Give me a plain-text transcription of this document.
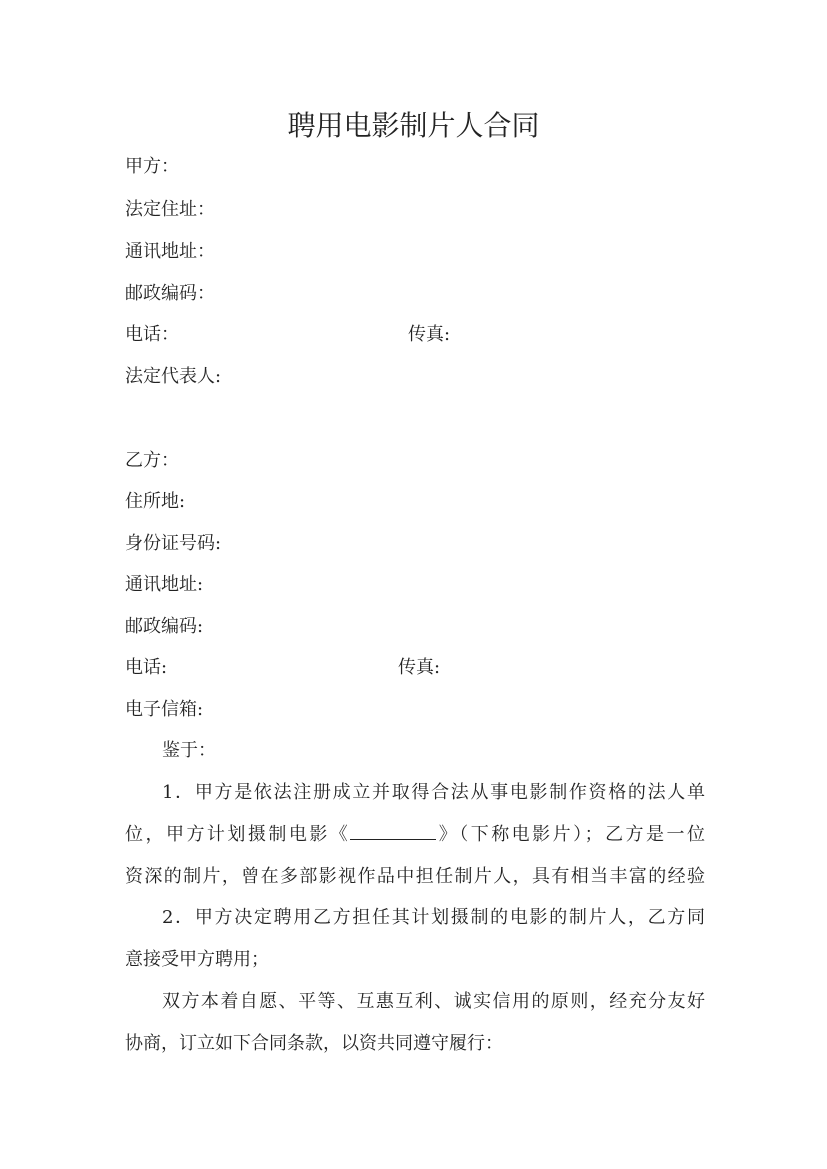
聘用电影制片人合同
甲方：
法定住址：
通讯地址：
邮政编码：
电话：	传真:
法定代表人:
乙方：
住所地:
身份证号码:
通讯地址:
邮政编码:
电话:	传真:
电子信箱:
鉴于：
1．甲方是依法注册成立并取得合法从事电影制作资格的法人单
位，甲方计划摄制电影《	》（下称电影片）；乙方是一位
资深的制片，曾在多部影视作品中担任制片人，具有相当丰富的经验
2．甲方决定聘用乙方担任其计划摄制的电影的制片人，乙方同
意接受甲方聘用；
双方本着自愿、平等、互惠互利、诚实信用的原则，经充分友好
协商，订立如下合同条款，以资共同遵守履行：
